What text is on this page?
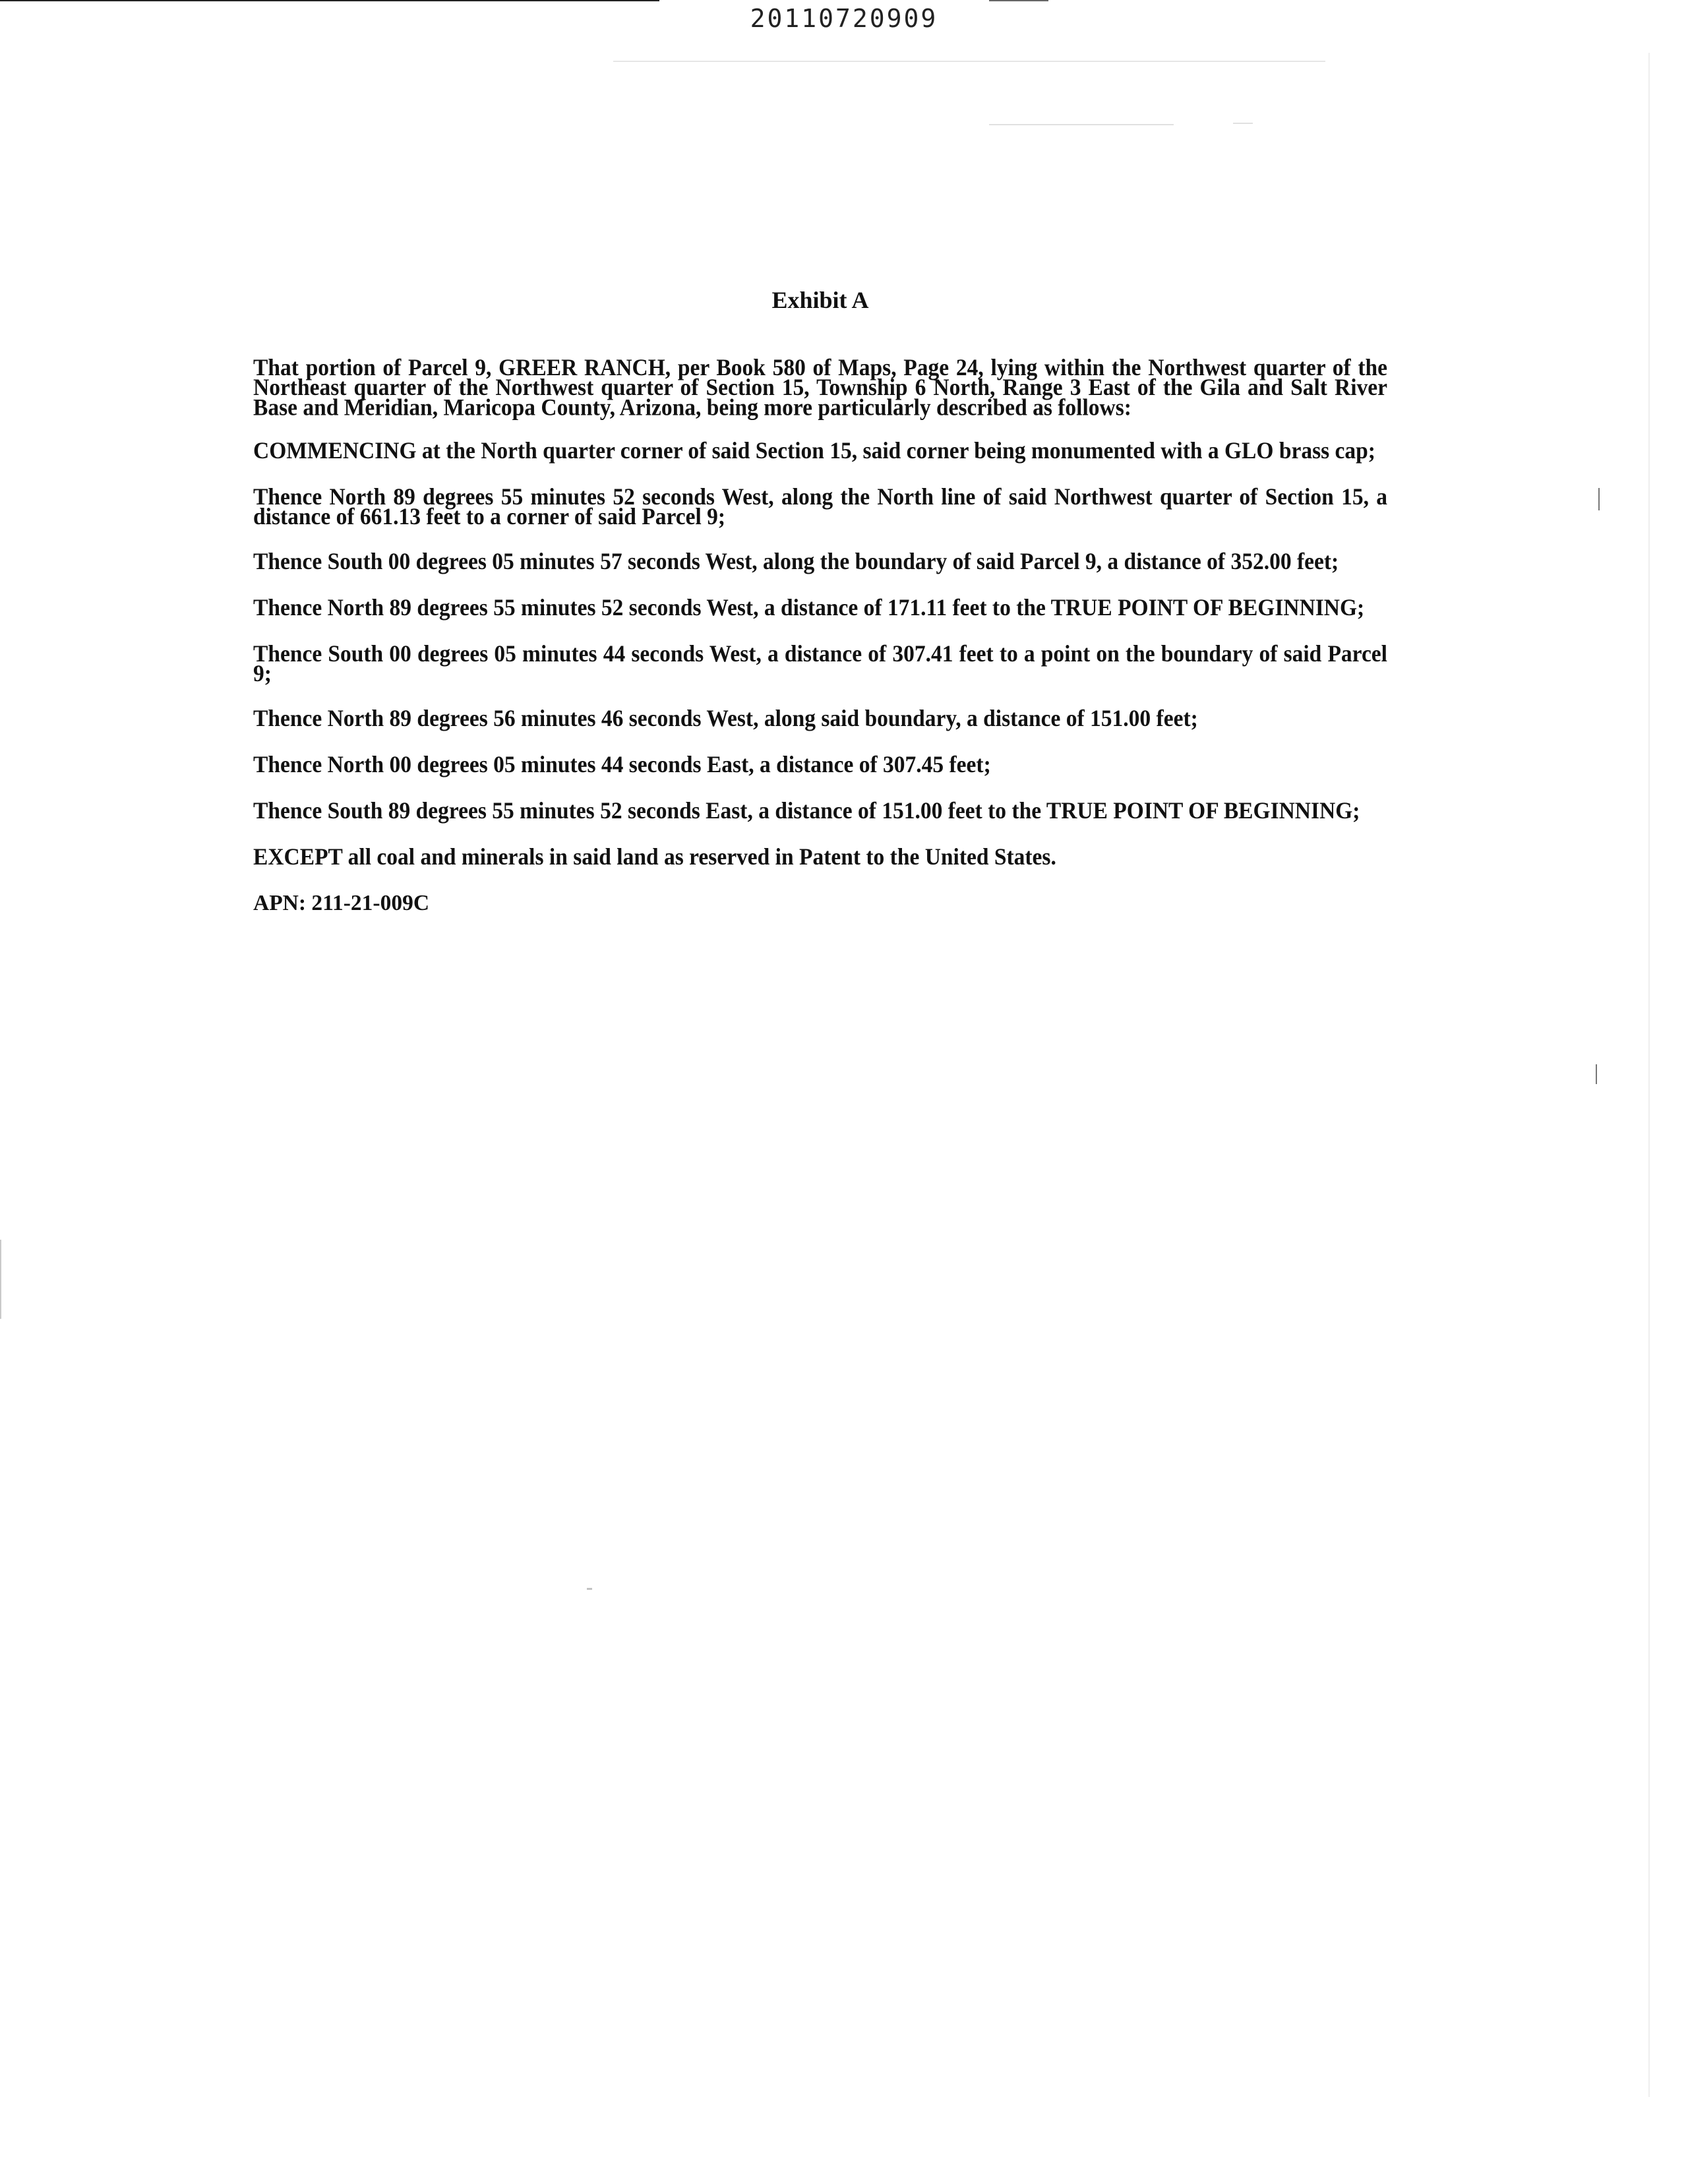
20110720909
Exhibit A

That portion of Parcel 9, GREER RANCH, per Book 580 of Maps, Page 24, lying within the Northwest quarter of the Northeast quarter of the Northwest quarter of Section 15, Township 6 North, Range 3 East of the Gila and Salt River Base and Meridian, Maricopa County, Arizona, being more particularly described as follows:

COMMENCING at the North quarter corner of said Section 15, said corner being monumented with a GLO brass cap;

Thence North 89 degrees 55 minutes 52 seconds West, along the North line of said Northwest quarter of Section 15, a distance of 661.13 feet to a corner of said Parcel 9;

Thence South 00 degrees 05 minutes 57 seconds West, along the boundary of said Parcel 9, a distance of 352.00 feet;

Thence North 89 degrees 55 minutes 52 seconds West, a distance of 171.11 feet to the TRUE POINT OF BEGINNING;

Thence South 00 degrees 05 minutes 44 seconds West, a distance of 307.41 feet to a point on the boundary of said Parcel 9;

Thence North 89 degrees 56 minutes 46 seconds West, along said boundary, a distance of 151.00 feet;

Thence North 00 degrees 05 minutes 44 seconds East, a distance of 307.45 feet;

Thence South 89 degrees 55 minutes 52 seconds East, a distance of 151.00 feet to the TRUE POINT OF BEGINNING;

EXCEPT all coal and minerals in said land as reserved in Patent to the United States.

APN: 211-21-009C
